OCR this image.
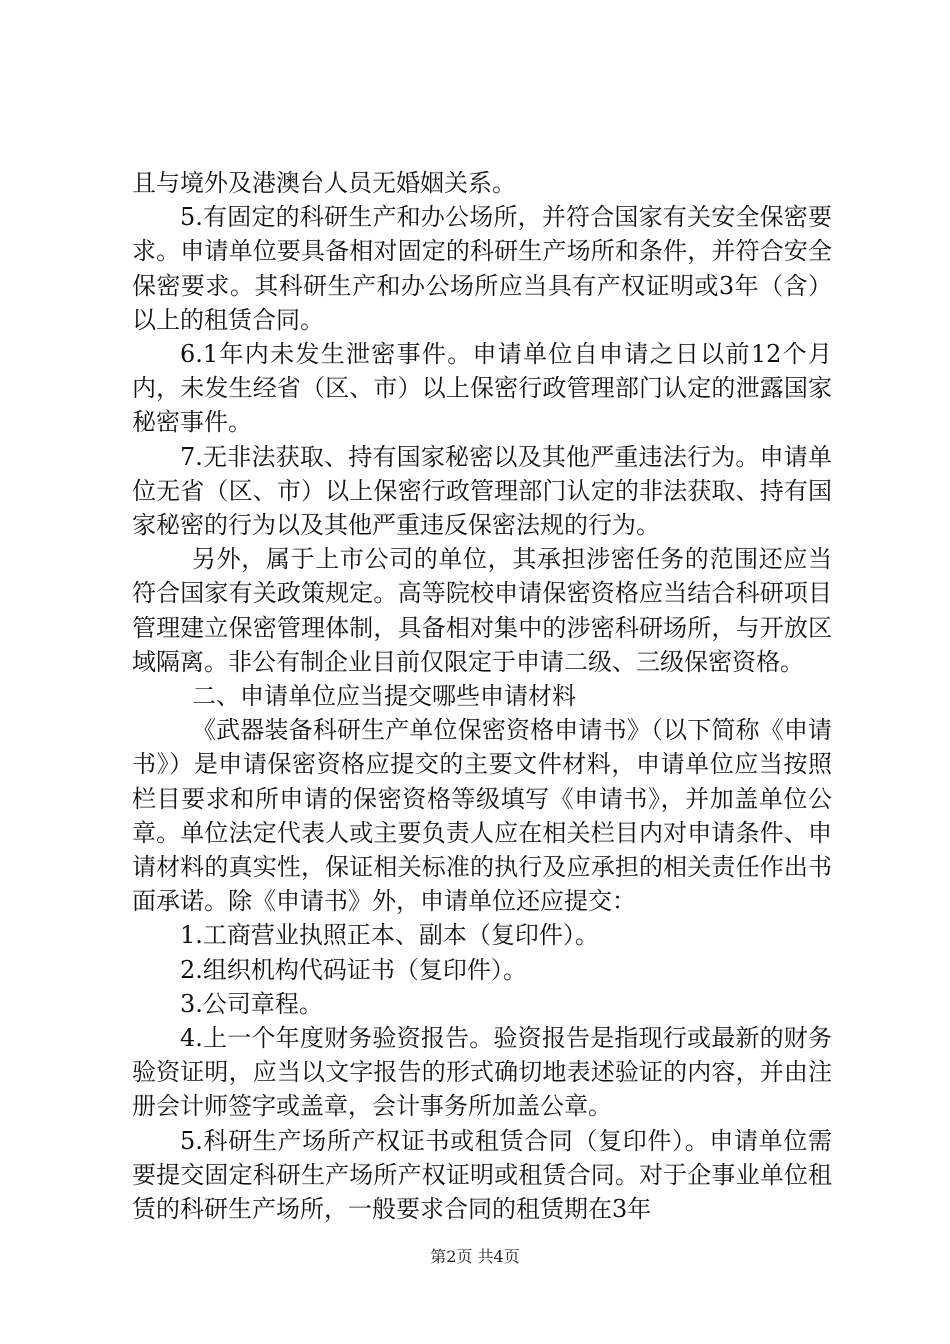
且与境外及港澳台人员无婚姻关系。

5.有固定的科研生产和办公场所，并符合国家有关安全保密要求。申请单位要具备相对固定的科研生产场所和条件，并符合安全保密要求。其科研生产和办公场所应当具有产权证明或3年（含）以上的租赁合同。

6.1年内未发生泄密事件。申请单位自申请之日以前12个月内，未发生经省（区、市）以上保密行政管理部门认定的泄露国家秘密事件。

7.无非法获取、持有国家秘密以及其他严重违法行为。申请单位无省（区、市）以上保密行政管理部门认定的非法获取、持有国家秘密的行为以及其他严重违反保密法规的行为。

另外，属于上市公司的单位，其承担涉密任务的范围还应当符合国家有关政策规定。高等院校申请保密资格应当结合科研项目管理建立保密管理体制，具备相对集中的涉密科研场所，与开放区域隔离。非公有制企业目前仅限定于申请二级、三级保密资格。

二、申请单位应当提交哪些申请材料

《武器装备科研生产单位保密资格申请书》（以下简称《申请书》）是申请保密资格应提交的主要文件材料，申请单位应当按照栏目要求和所申请的保密资格等级填写《申请书》，并加盖单位公章。单位法定代表人或主要负责人应在相关栏目内对申请条件、申请材料的真实性，保证相关标准的执行及应承担的相关责任作出书面承诺。除《申请书》外，申请单位还应提交：

1.工商营业执照正本、副本（复印件）。

2.组织机构代码证书（复印件）。

3.公司章程。

4.上一个年度财务验资报告。验资报告是指现行或最新的财务验资证明，应当以文字报告的形式确切地表述验证的内容，并由注册会计师签字或盖章，会计事务所加盖公章。

5.科研生产场所产权证书或租赁合同（复印件）。申请单位需要提交固定科研生产场所产权证明或租赁合同。对于企事业单位租赁的科研生产场所，一般要求合同的租赁期在3年

第2页 共4页
